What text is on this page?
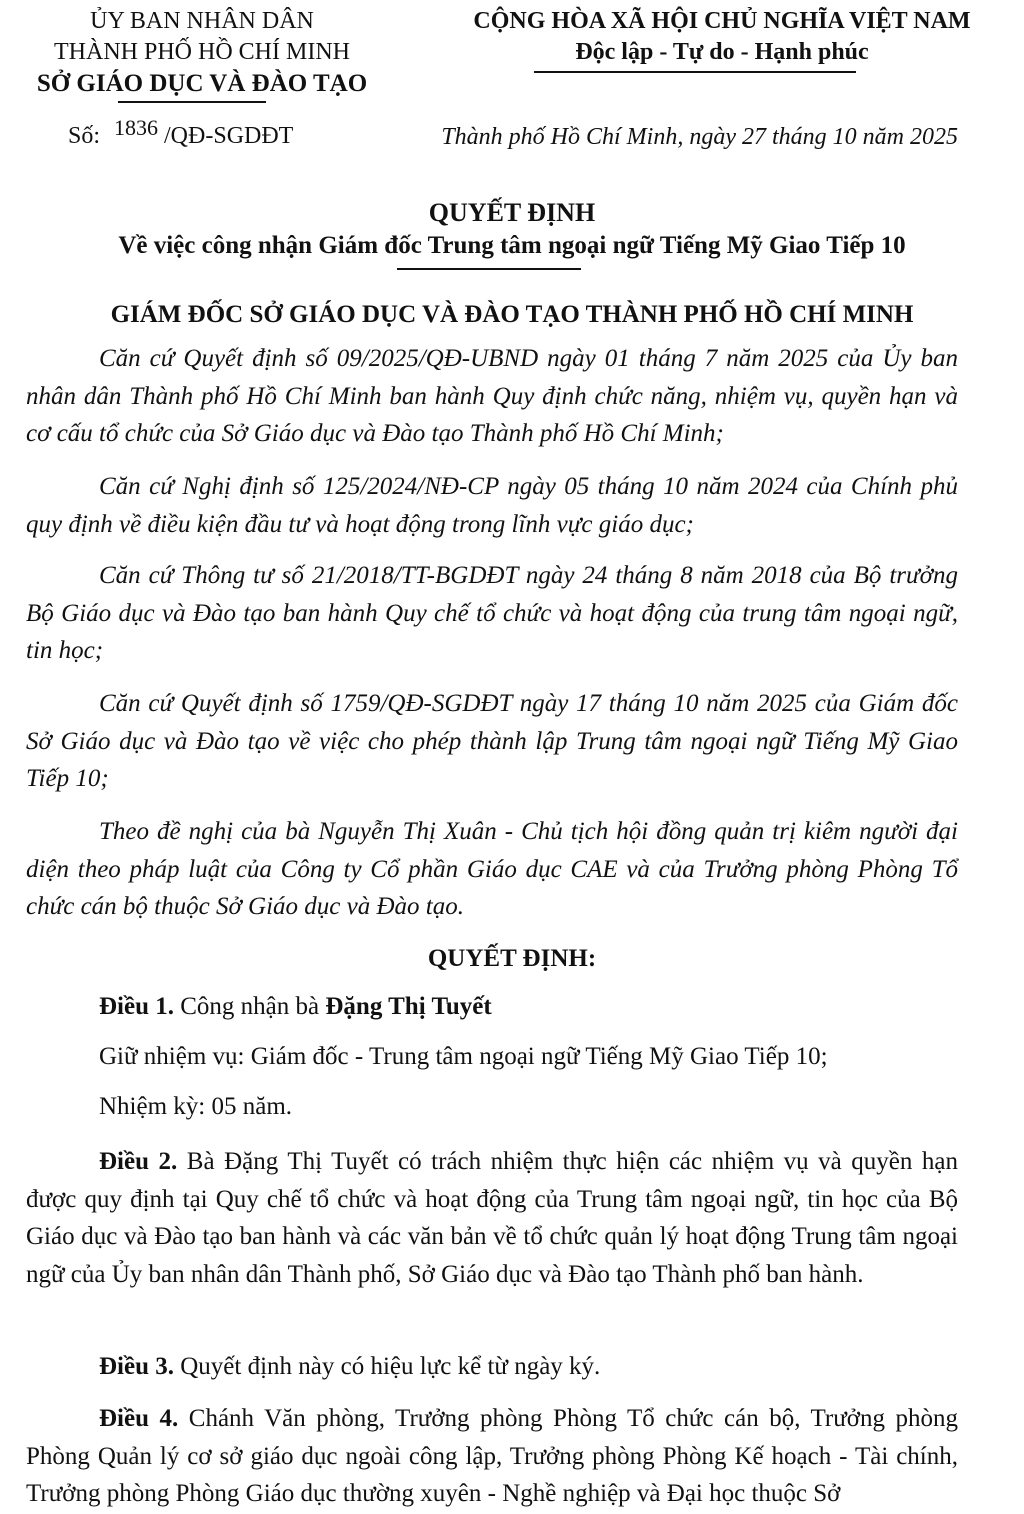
ỦY BAN NHÂN DÂN
THÀNH PHỐ HỒ CHÍ MINH
SỞ GIÁO DỤC VÀ ĐÀO TẠO
CỘNG HÒA XÃ HỘI CHỦ NGHĨA VIỆT NAM
Độc lập - Tự do - Hạnh phúc
Số: 1836 /QĐ-SGDĐT	Thành phố Hồ Chí Minh, ngày 27 tháng 10 năm 2025
QUYẾT ĐỊNH
Về việc công nhận Giám đốc Trung tâm ngoại ngữ Tiếng Mỹ Giao Tiếp 10
GIÁM ĐỐC SỞ GIÁO DỤC VÀ ĐÀO TẠO THÀNH PHỐ HỒ CHÍ MINH
Căn cứ Quyết định số 09/2025/QĐ-UBND ngày 01 tháng 7 năm 2025 của Ủy ban nhân dân Thành phố Hồ Chí Minh ban hành Quy định chức năng, nhiệm vụ, quyền hạn và cơ cấu tổ chức của Sở Giáo dục và Đào tạo Thành phố Hồ Chí Minh;
Căn cứ Nghị định số 125/2024/NĐ-CP ngày 05 tháng 10 năm 2024 của Chính phủ quy định về điều kiện đầu tư và hoạt động trong lĩnh vực giáo dục;
Căn cứ Thông tư số 21/2018/TT-BGDĐT ngày 24 tháng 8 năm 2018 của Bộ trưởng Bộ Giáo dục và Đào tạo ban hành Quy chế tổ chức và hoạt động của trung tâm ngoại ngữ, tin học;
Căn cứ Quyết định số 1759/QĐ-SGDĐT ngày 17 tháng 10 năm 2025 của Giám đốc Sở Giáo dục và Đào tạo về việc cho phép thành lập Trung tâm ngoại ngữ Tiếng Mỹ Giao Tiếp 10;
Theo đề nghị của bà Nguyễn Thị Xuân - Chủ tịch hội đồng quản trị kiêm người đại diện theo pháp luật của Công ty Cổ phần Giáo dục CAE và của Trưởng phòng Phòng Tổ chức cán bộ thuộc Sở Giáo dục và Đào tạo.
QUYẾT ĐỊNH:
Điều 1. Công nhận bà Đặng Thị Tuyết
Giữ nhiệm vụ: Giám đốc - Trung tâm ngoại ngữ Tiếng Mỹ Giao Tiếp 10;
Nhiệm kỳ: 05 năm.
Điều 2. Bà Đặng Thị Tuyết có trách nhiệm thực hiện các nhiệm vụ và quyền hạn được quy định tại Quy chế tổ chức và hoạt động của Trung tâm ngoại ngữ, tin học của Bộ Giáo dục và Đào tạo ban hành và các văn bản về tổ chức quản lý hoạt động Trung tâm ngoại ngữ của Ủy ban nhân dân Thành phố, Sở Giáo dục và Đào tạo Thành phố ban hành.
Điều 3. Quyết định này có hiệu lực kể từ ngày ký.
Điều 4. Chánh Văn phòng, Trưởng phòng Phòng Tổ chức cán bộ, Trưởng phòng Phòng Quản lý cơ sở giáo dục ngoài công lập, Trưởng phòng Phòng Kế hoạch - Tài chính, Trưởng phòng Phòng Giáo dục thường xuyên - Nghề nghiệp và Đại học thuộc Sở
